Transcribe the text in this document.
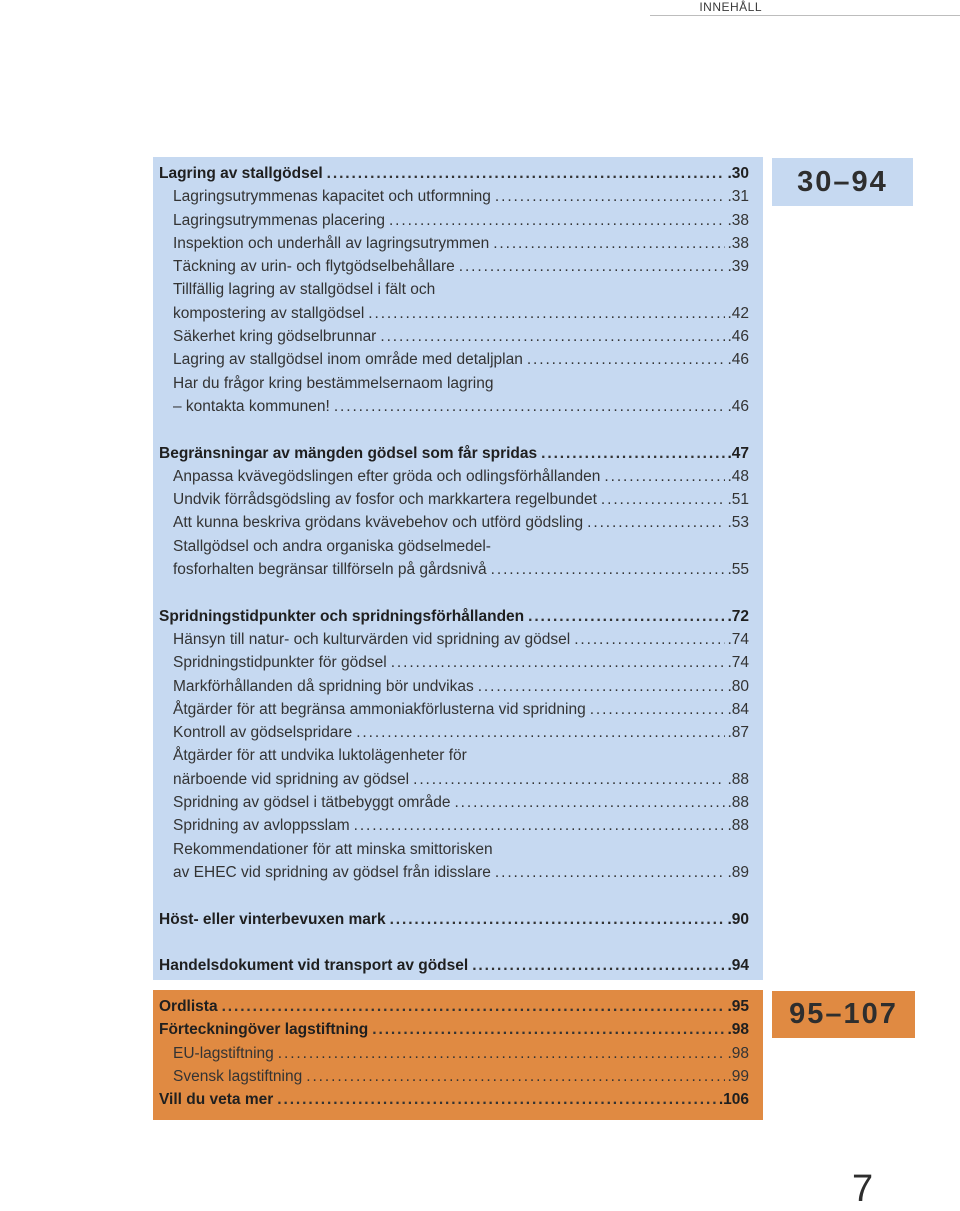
INNEHÅLL
Lagring av stallgödsel . . .	.30
Lagringsutrymmenas kapacitet och utformning . . .	.31
Lagringsutrymmenas placering . . .	.38
Inspektion och underhåll av lagringsutrymmen . . .	.38
Täckning av urin- och flytgödselbehållare . . .	.39
Tillfällig lagring av stallgödsel i fält och
kompostering av stallgödsel . . .	.42
Säkerhet kring gödselbrunnar . . .	.46
Lagring av stallgödsel inom område med detaljplan . . .	.46
Har du frågor kring bestämmelsernaom lagring
– kontakta kommunen! . . .	.46
Begränsningar av mängden gödsel som får spridas . . .	.47
Anpassa kvävegödslingen efter gröda och odlingsförhållanden . . .	.48
Undvik förrådsgödsling av fosfor och markkartera regelbundet . . .	.51
Att kunna beskriva grödans kvävebehov och utförd gödsling . . .	.53
Stallgödsel och andra organiska gödselmedel-
fosforhalten begränsar tillförseln på gårdsnivå . . .	.55
Spridningstidpunkter och spridningsförhållanden . . .	.72
Hänsyn till natur- och kulturvärden vid spridning av gödsel . . .	.74
Spridningstidpunkter för gödsel . . .	.74
Markförhållanden då spridning bör undvikas . . .	.80
Åtgärder för att begränsa ammoniakförlusterna vid spridning . . .	.84
Kontroll av gödselspridare . . .	.87
Åtgärder för att undvika luktolägenheter för
närboende vid spridning av gödsel . . .	.88
Spridning av gödsel i tätbebyggt område . . .	.88
Spridning av avloppsslam . . .	.88
Rekommendationer för att minska smittorisken
av EHEC vid spridning av gödsel från idisslare . . .	.89
Höst- eller vinterbevuxen mark . . .	.90
Handelsdokument vid transport av gödsel . . .	.94
Ordlista . . .	.95
Förteckningöver lagstiftning . . .	.98
EU-lagstiftning . . .	.98
Svensk lagstiftning . . .	.99
Vill du veta mer . . .	.106
30–94
95–107
7
